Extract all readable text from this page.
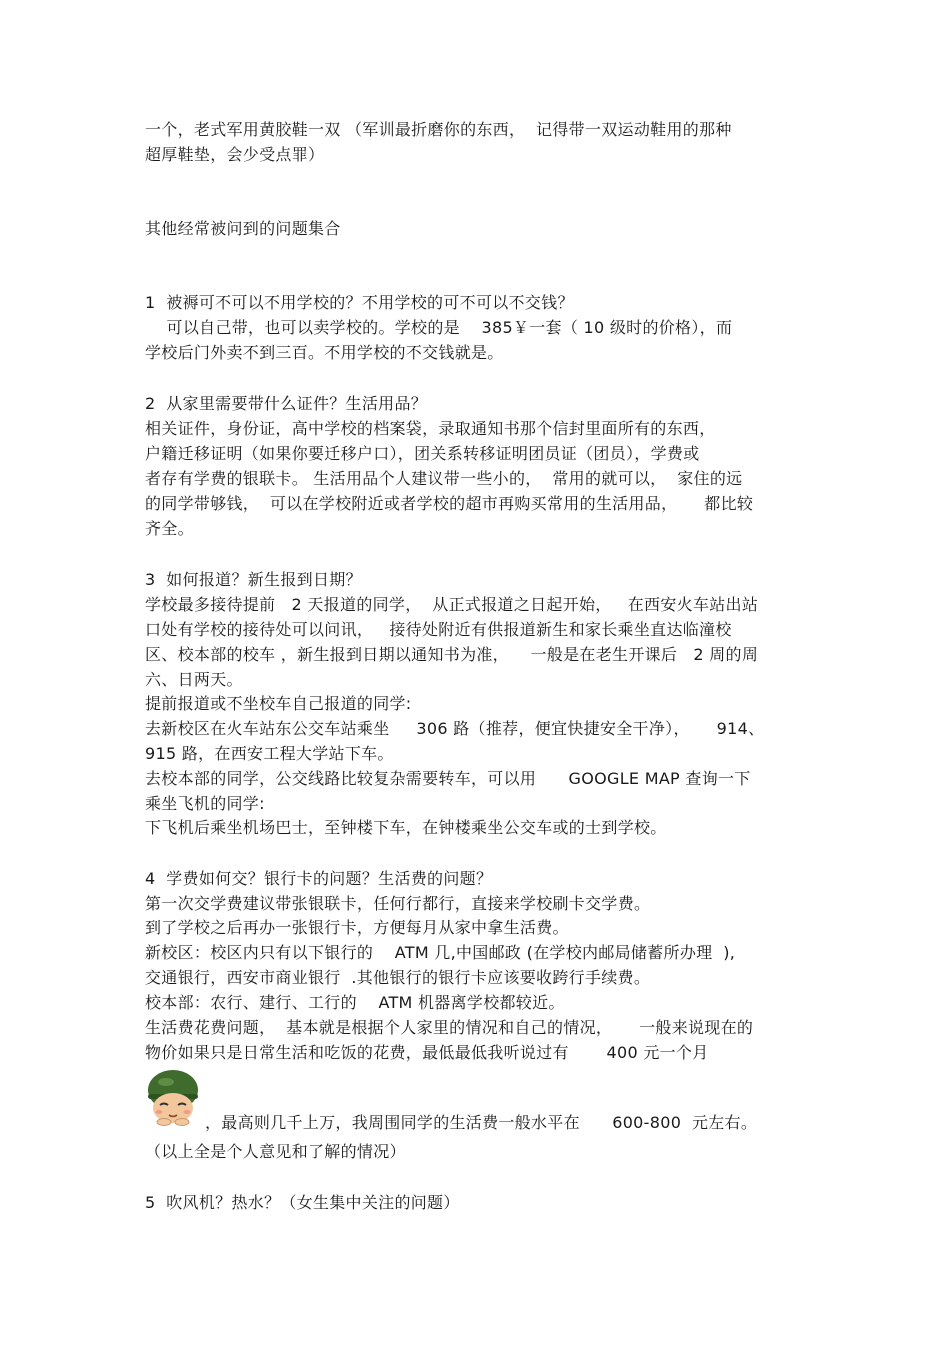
一个，老式军用黄胶鞋一双 （军训最折磨你的东西，  记得带一双运动鞋用的那种
超厚鞋垫，会少受点罪）
其他经常被问到的问题集合
1  被褥可不可以不用学校的？不用学校的可不可以不交钱？
可以自己带，也可以卖学校的。学校的是    385￥一套（ 10 级时的价格），而
学校后门外卖不到三百。不用学校的不交钱就是。
2  从家里需要带什么证件？生活用品？
相关证件，身份证，高中学校的档案袋，录取通知书那个信封里面所有的东西，
户籍迁移证明（如果你要迁移户口），团关系转移证明团员证（团员），学费或
者存有学费的银联卡。 生活用品个人建议带一些小的，  常用的就可以，  家住的远
的同学带够钱，  可以在学校附近或者学校的超市再购买常用的生活用品，     都比较
齐全。
3  如何报道？新生报到日期？
学校最多接待提前   2 天报道的同学，  从正式报道之日起开始，   在西安火车站出站
口处有学校的接待处可以问讯，   接待处附近有供报道新生和家长乘坐直达临潼校
区、校本部的校车 ，新生报到日期以通知书为准，    一般是在老生开课后   2 周的周
六、日两天。
提前报道或不坐校车自己报道的同学:
去新校区在火车站东公交车站乘坐     306 路（推荐，便宜快捷安全干净），     914、
915 路，在西安工程大学站下车。
去校本部的同学，公交线路比较复杂需要转车，可以用      GOOGLE MAP 查询一下
乘坐飞机的同学:
下飞机后乘坐机场巴士，至钟楼下车，在钟楼乘坐公交车或的士到学校。
4  学费如何交？银行卡的问题？生活费的问题？
第一次交学费建议带张银联卡，任何行都行，直接来学校刷卡交学费。
到了学校之后再办一张银行卡，方便每月从家中拿生活费。
新校区：校区内只有以下银行的    ATM 几,中国邮政 (在学校内邮局储蓄所办理  ),
交通银行，西安市商业银行  .其他银行的银行卡应该要收跨行手续费。
校本部：农行、建行、工行的    ATM 机器离学校都较近。
生活费花费问题，  基本就是根据个人家里的情况和自己的情况，     一般来说现在的
物价如果只是日常生活和吃饭的花费，最低最低我听说过有       400 元一个月
，最高则几千上万，我周围同学的生活费一般水平在      600-800  元左右。
（以上全是个人意见和了解的情况）
5  吹风机？热水？（女生集中关注的问题）
